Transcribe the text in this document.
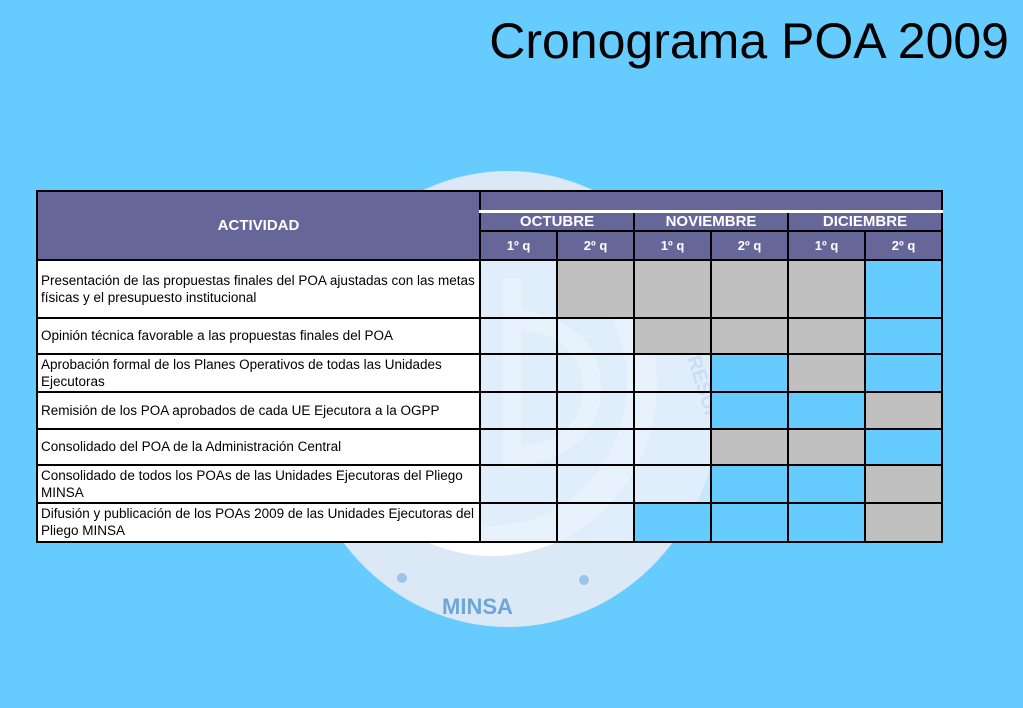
Cronograma POA 2009
MINSA
ACTIVIDAD						
	OCTUBRE		NOVIEMBRE		DICIEMBRE	
	1º q	2º q	1º q	2º q	1º q	2º q
Presentación de las propuestas finales del POA ajustadas con las metas físicas y el presupuesto institucional						
Opinión técnica favorable a las propuestas finales del POA						
Aprobación formal de los Planes Operativos de todas las Unidades Ejecutoras						
Remisión de los POA aprobados de cada UE Ejecutora a la OGPP						
Consolidado del POA de la Administración Central						
Consolidado de todos los POAs de las Unidades Ejecutoras del Pliego MINSA						
Difusión y publicación de los POAs 2009 de las Unidades Ejecutoras del Pliego MINSA						
